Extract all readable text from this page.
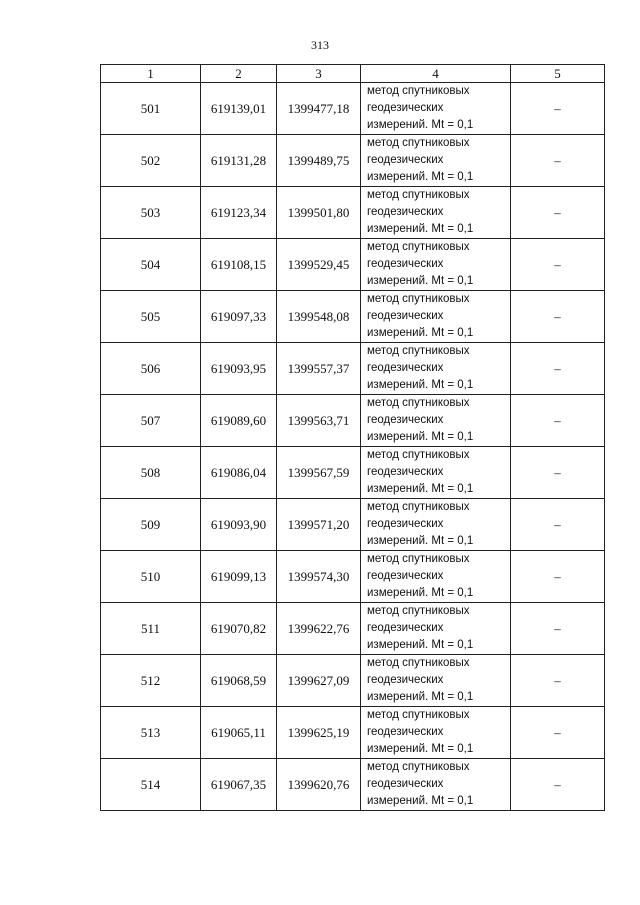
313
1	2	3	4	5
501	619139,01	1399477,18	метод спутниковых
геодезических
измерений. Mt = 0,1	–
502	619131,28	1399489,75	метод спутниковых
геодезических
измерений. Mt = 0,1	–
503	619123,34	1399501,80	метод спутниковых
геодезических
измерений. Mt = 0,1	–
504	619108,15	1399529,45	метод спутниковых
геодезических
измерений. Mt = 0,1	–
505	619097,33	1399548,08	метод спутниковых
геодезических
измерений. Mt = 0,1	–
506	619093,95	1399557,37	метод спутниковых
геодезических
измерений. Mt = 0,1	–
507	619089,60	1399563,71	метод спутниковых
геодезических
измерений. Mt = 0,1	–
508	619086,04	1399567,59	метод спутниковых
геодезических
измерений. Mt = 0,1	–
509	619093,90	1399571,20	метод спутниковых
геодезических
измерений. Mt = 0,1	–
510	619099,13	1399574,30	метод спутниковых
геодезических
измерений. Mt = 0,1	–
511	619070,82	1399622,76	метод спутниковых
геодезических
измерений. Mt = 0,1	–
512	619068,59	1399627,09	метод спутниковых
геодезических
измерений. Mt = 0,1	–
513	619065,11	1399625,19	метод спутниковых
геодезических
измерений. Mt = 0,1	–
514	619067,35	1399620,76	метод спутниковых
геодезических
измерений. Mt = 0,1	–
